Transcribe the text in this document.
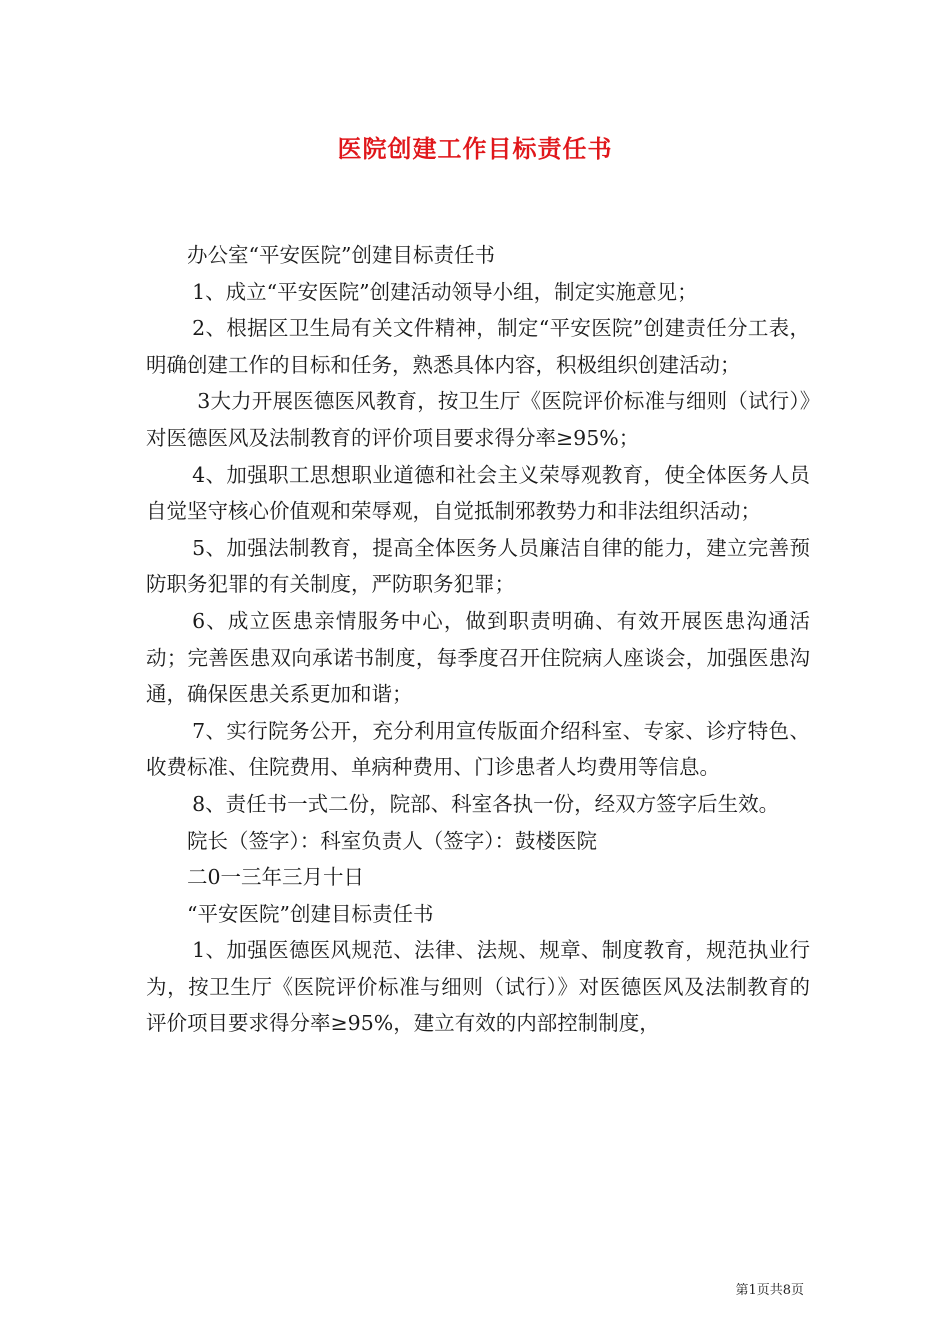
医院创建工作目标责任书

办公室“平安医院”创建目标责任书

1、成立“平安医院”创建活动领导小组，制定实施意见；

2、根据区卫生局有关文件精神，制定“平安医院”创建责任分工表，明确创建工作的目标和任务，熟悉具体内容，积极组织创建活动；

3大力开展医德医风教育，按卫生厅《医院评价标准与细则（试行）》对医德医风及法制教育的评价项目要求得分率≥95%；

4、加强职工思想职业道德和社会主义荣辱观教育，使全体医务人员自觉坚守核心价值观和荣辱观，自觉抵制邪教势力和非法组织活动；

5、加强法制教育，提高全体医务人员廉洁自律的能力，建立完善预防职务犯罪的有关制度，严防职务犯罪；

6、成立医患亲情服务中心，做到职责明确、有效开展医患沟通活动；完善医患双向承诺书制度，每季度召开住院病人座谈会，加强医患沟通，确保医患关系更加和谐；

7、实行院务公开，充分利用宣传版面介绍科室、专家、诊疗特色、收费标准、住院费用、单病种费用、门诊患者人均费用等信息。

8、责任书一式二份，院部、科室各执一份，经双方签字后生效。

院长（签字）：科室负责人（签字）：鼓楼医院

二0一三年三月十日

“平安医院”创建目标责任书

1、加强医德医风规范、法律、法规、规章、制度教育，规范执业行为，按卫生厅《医院评价标准与细则（试行）》对医德医风及法制教育的评价项目要求得分率≥95%，建立有效的内部控制制度，

第1页共8页
